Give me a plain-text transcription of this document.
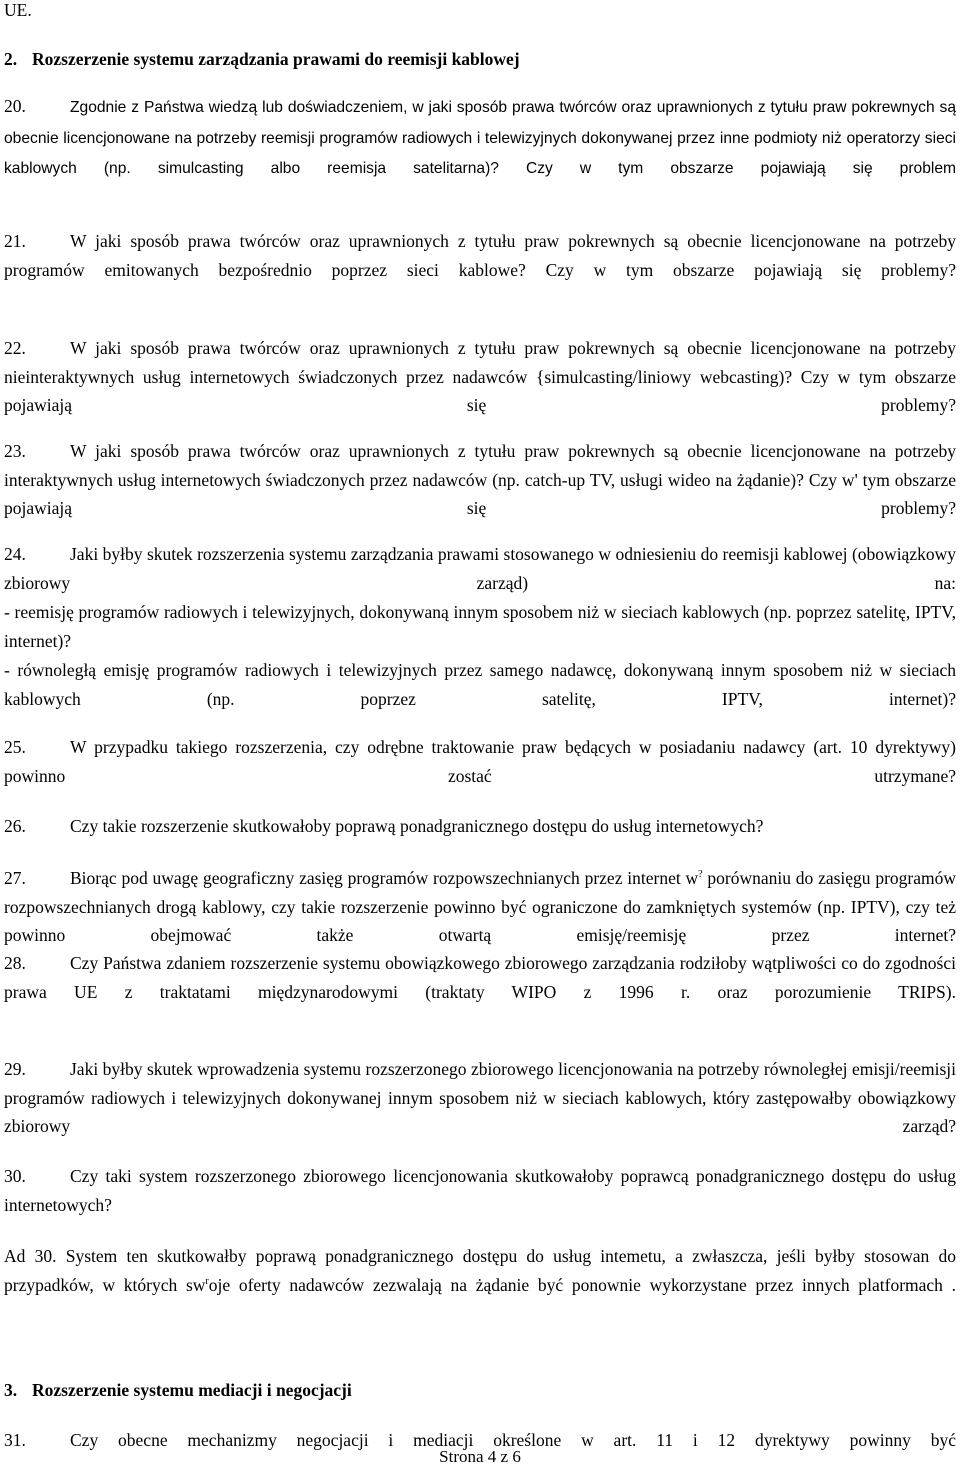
UE.

2. Rozszerzenie systemu zarządzania prawami do reemisji kablowej

20.	Zgodnie z Państwa wiedzą lub doświadczeniem, w jaki sposób prawa twórców oraz uprawnionych z tytułu praw pokrewnych są obecnie licencjonowane na potrzeby reemisji programów radiowych i telewizyjnych dokonywanej przez inne podmioty niż operatorzy sieci kablowych (np. simulcasting albo reemisja satelitarna)? Czy w tym obszarze pojawiają się problem

21.	W jaki sposób prawa twórców oraz uprawnionych z tytułu praw pokrewnych są obecnie licencjonowane na potrzeby programów emitowanych bezpośrednio poprzez sieci kablowe? Czy w tym obszarze pojawiają się problemy?

22.	W jaki sposób prawa twórców oraz uprawnionych z tytułu praw pokrewnych są obecnie licencjonowane na potrzeby nieinteraktywnych usług internetowych świadczonych przez nadawców {simulcasting/liniowy webcasting)? Czy w tym obszarze pojawiają się problemy?

23.	W jaki sposób prawa twórców oraz uprawnionych z tytułu praw pokrewnych są obecnie licencjonowane na potrzeby interaktywnych usług internetowych świadczonych przez nadawców (np. catch-up TV, usługi wideo na żądanie)? Czy w' tym obszarze pojawiają się problemy?

24.	Jaki byłby skutek rozszerzenia systemu zarządzania prawami stosowanego w odniesieniu do reemisji kablowej (obowiązkowy zbiorowy zarząd) na:

- reemisję programów radiowych i telewizyjnych, dokonywaną innym sposobem niż w sieciach kablowych (np. poprzez satelitę, IPTV, internet)?

- równoległą emisję programów radiowych i telewizyjnych przez samego nadawcę, dokonywaną innym sposobem niż w sieciach kablowych (np. poprzez satelitę, IPTV, internet)?

25.	W przypadku takiego rozszerzenia, czy odrębne traktowanie praw będących w posiadaniu nadawcy (art. 10 dyrektywy) powinno zostać utrzymane?

26.	Czy takie rozszerzenie skutkowałoby poprawą ponadgranicznego dostępu do usług internetowych?

27.	Biorąc pod uwagę geograficzny zasięg programów rozpowszechnianych przez internet w? porównaniu do zasięgu programów rozpowszechnianych drogą kablowy, czy takie rozszerzenie powinno być ograniczone do zamkniętych systemów (np. IPTV), czy też powinno obejmować także otwartą emisję/reemisję przez internet?

28.	Czy Państwa zdaniem rozszerzenie systemu obowiązkowego zbiorowego zarządzania rodziłoby wątpliwości co do zgodności prawa UE z traktatami międzynarodowymi (traktaty WIPO z 1996 r. oraz porozumienie TRIPS).

29.	Jaki byłby skutek wprowadzenia systemu rozszerzonego zbiorowego licencjonowania na potrzeby równoległej emisji/reemisji programów radiowych i telewizyjnych dokonywanej innym sposobem niż w sieciach kablowych, który zastępowałby obowiązkowy zbiorowy zarząd?

30.	Czy taki system rozszerzonego zbiorowego licencjonowania skutkowałoby poprawcą ponadgranicznego dostępu do usług internetowych?

Ad 30. System ten skutkowałby poprawą ponadgranicznego dostępu do usług intemetu, a zwłaszcza, jeśli byłby stosowan do przypadków, w których $sw^roje$ oferty nadawców zezwalają na żądanie być ponownie wykorzystane przez innych platformach .

3. Rozszerzenie systemu mediacji i negocjacji

31.	Czy obecne mechanizmy negocjacji i mediacji określone w art. 11 i 12 dyrektywy powinny być

Strona 4 z 6
